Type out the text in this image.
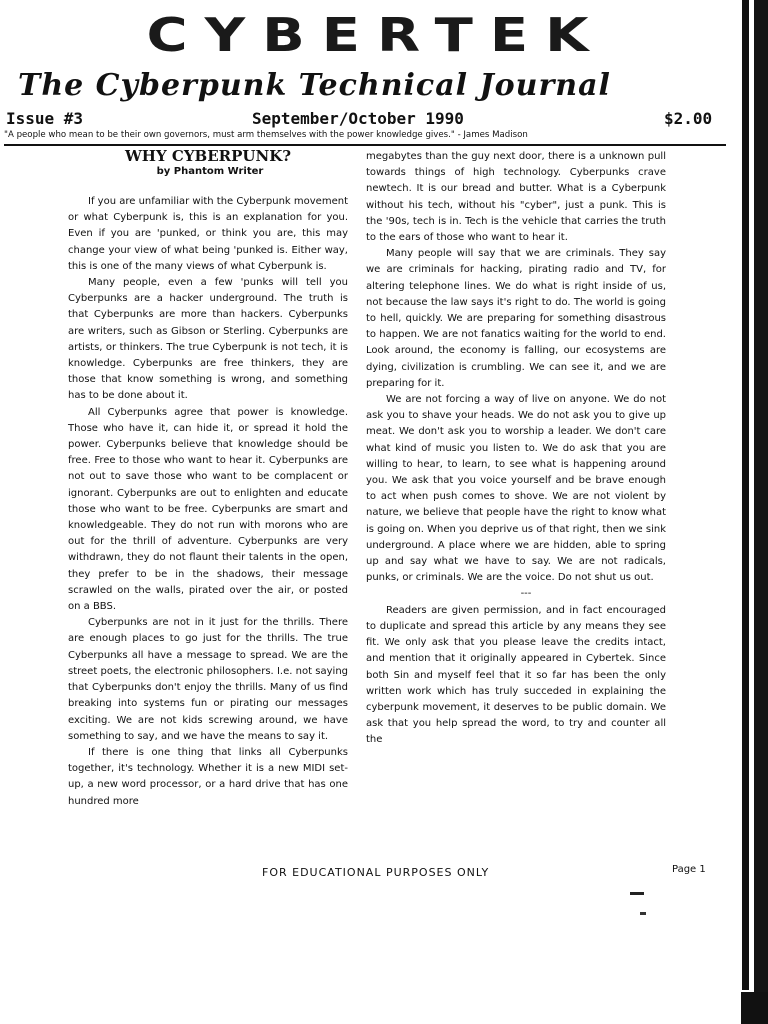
CYBERTEK
The Cyberpunk Technical Journal
Issue #3	September/October 1990	$2.00
"A people who mean to be their own governors, must arm themselves with the power knowledge gives." - James Madison
WHY CYBERPUNK?
by Phantom Writer

If you are unfamiliar with the Cyberpunk movement or what Cyberpunk is, this is an explanation for you. Even if you are 'punked, or think you are, this may change your view of what being 'punked is. Either way, this is one of the many views of what Cyberpunk is.

Many people, even a few 'punks will tell you Cyberpunks are a hacker underground. The truth is that Cyberpunks are more than hackers. Cyberpunks are writers, such as Gibson or Sterling. Cyberpunks are artists, or thinkers. The true Cyberpunk is not tech, it is knowledge. Cyberpunks are free thinkers, they are those that know something is wrong, and something has to be done about it.

All Cyberpunks agree that power is knowledge. Those who have it, can hide it, or spread it hold the power. Cyberpunks believe that knowledge should be free. Free to those who want to hear it. Cyberpunks are not out to save those who want to be complacent or ignorant. Cyberpunks are out to enlighten and educate those who want to be free. Cyberpunks are smart and knowledgeable. They do not run with morons who are out for the thrill of adventure. Cyberpunks are very withdrawn, they do not flaunt their talents in the open, they prefer to be in the shadows, their message scrawled on the walls, pirated over the air, or posted on a BBS.

Cyberpunks are not in it just for the thrills. There are enough places to go just for the thrills. The true Cyberpunks all have a message to spread. We are the street poets, the electronic philosophers. I.e. not saying that Cyberpunks don't enjoy the thrills. Many of us find breaking into systems fun or pirating our messages exciting. We are not kids screwing around, we have something to say, and we have the means to say it.

If there is one thing that links all Cyberpunks together, it's technology. Whether it is a new MIDI set-up, a new word processor, or a hard drive that has one hundred more

megabytes than the guy next door, there is a unknown pull towards things of high technology. Cyberpunks crave newtech. It is our bread and butter. What is a Cyberpunk without his tech, without his "cyber", just a punk. This is the '90s, tech is in. Tech is the vehicle that carries the truth to the ears of those who want to hear it.

Many people will say that we are criminals. They say we are criminals for hacking, pirating radio and TV, for altering telephone lines. We do what is right inside of us, not because the law says it's right to do. The world is going to hell, quickly. We are preparing for something disastrous to happen. We are not fanatics waiting for the world to end. Look around, the economy is falling, our ecosystems are dying, civilization is crumbling. We can see it, and we are preparing for it.

We are not forcing a way of live on anyone. We do not ask you to shave your heads. We do not ask you to give up meat. We don't ask you to worship a leader. We don't care what kind of music you listen to. We do ask that you are willing to hear, to learn, to see what is happening around you. We ask that you voice yourself and be brave enough to act when push comes to shove. We are not violent by nature, we believe that people have the right to know what is going on. When you deprive us of that right, then we sink underground. A place where we are hidden, able to spring up and say what we have to say. We are not radicals, punks, or criminals. We are the voice. Do not shut us out.

---

Readers are given permission, and in fact encouraged to duplicate and spread this article by any means they see fit. We only ask that you please leave the credits intact, and mention that it originally appeared in Cybertek. Since both Sin and myself feel that it so far has been the only written work which has truly succeded in explaining the cyberpunk movement, it deserves to be public domain. We ask that you help spread the word, to try and counter all the

FOR EDUCATIONAL PURPOSES ONLY	Page 1
